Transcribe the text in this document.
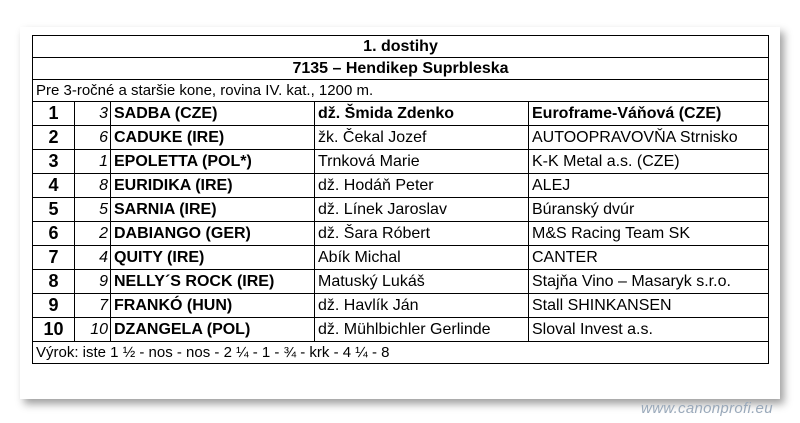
1. dostihy				
7135 – Hendikep Suprbleska				
Pre 3-ročné a staršie kone, rovina IV. kat., 1200 m.				
1	3	SADBA (CZE)	dž. Šmida Zdenko	Euroframe-Váňová (CZE)
2	6	CADUKE (IRE)	žk. Čekal Jozef	AUTOOPRAVOVŇA Strnisko
3	1	EPOLETTA (POL*)	Trnková Marie	K-K Metal a.s. (CZE)
4	8	EURIDIKA (IRE)	dž. Hodáň Peter	ALEJ
5	5	SARNIA (IRE)	dž. Línek Jaroslav	Búranský dvúr
6	2	DABIANGO (GER)	dž. Šara Róbert	M&S Racing Team SK
7	4	QUITY (IRE)	Abík Michal	CANTER
8	9	NELLY´S ROCK (IRE)	Matuský Lukáš	Stajňa Vino – Masaryk s.r.o.
9	7	FRANKÓ (HUN)	dž. Havlík Ján	Stall SHINKANSEN
10	10	DZANGELA (POL)	dž. Mühlbichler Gerlinde	Sloval Invest a.s.
Výrok: iste 1 ½ - nos - nos - 2 ¼ - 1 - ¾ - krk - 4 ¼ - 8				
www.canonprofi.eu
